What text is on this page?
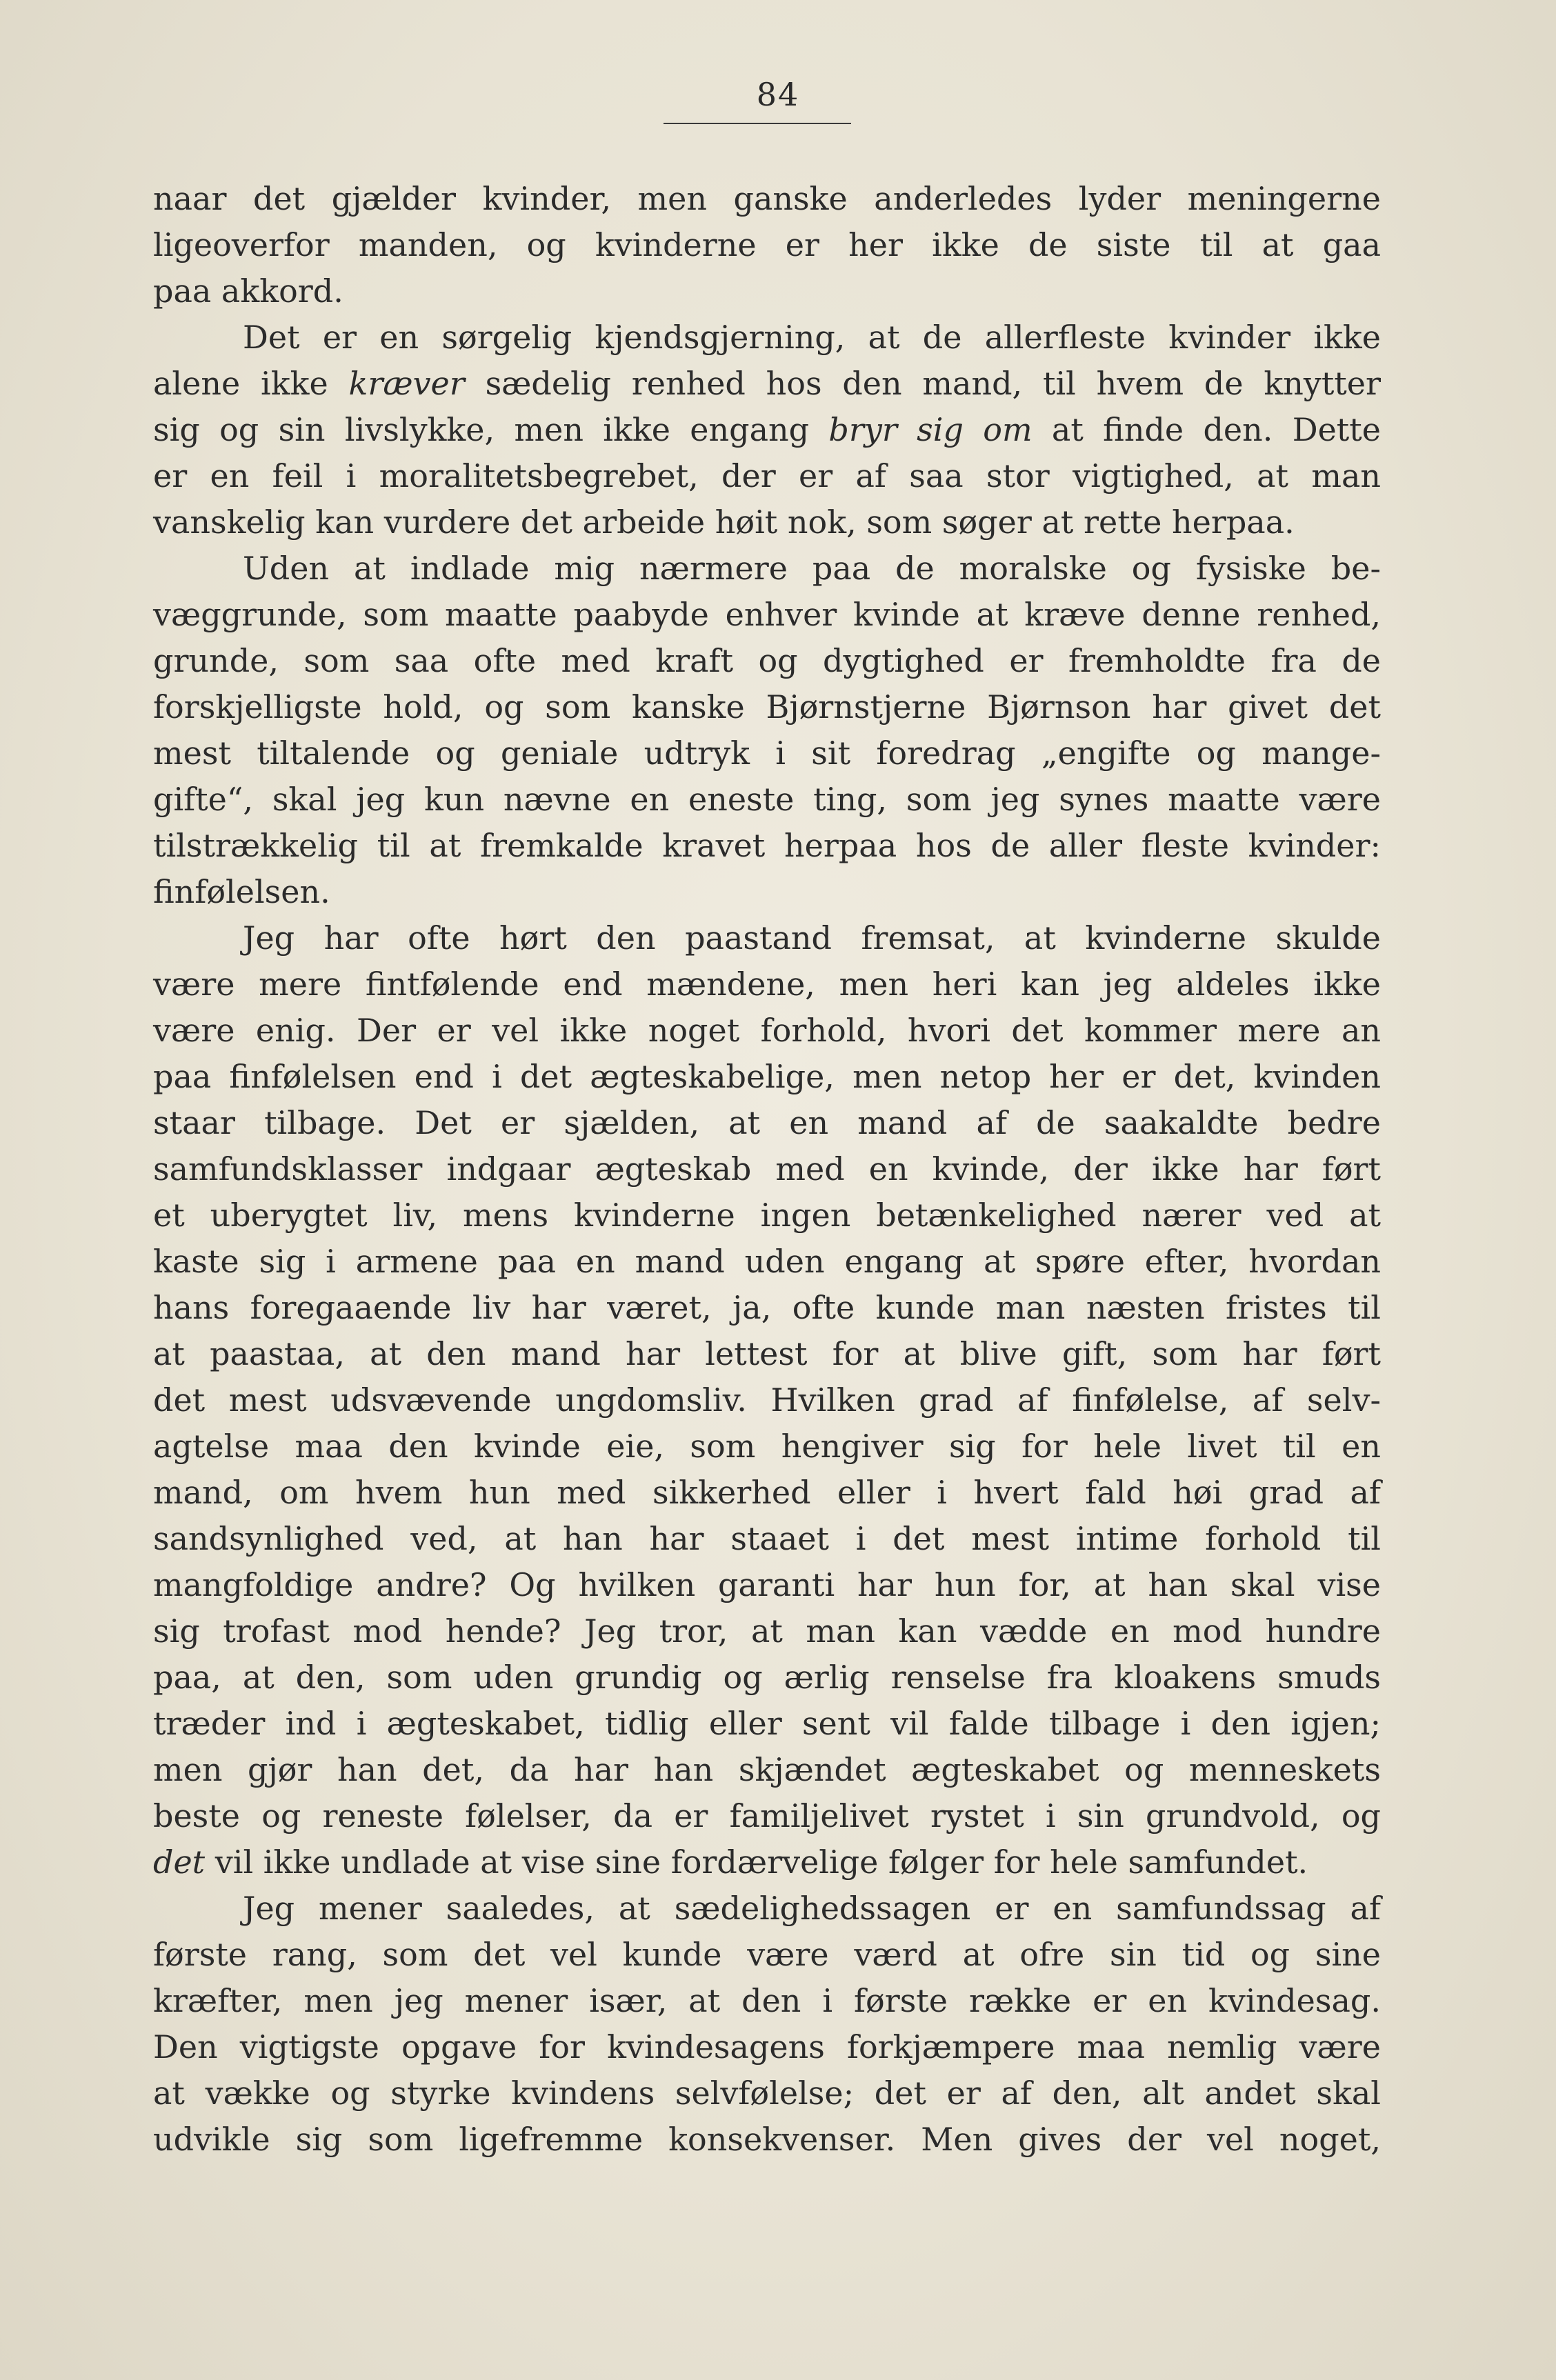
84
naar det gjælder kvinder, men ganske anderledes lyder meningerne
ligeoverfor manden, og kvinderne er her ikke de siste til at gaa
paa akkord.
Det er en sørgelig kjendsgjerning, at de allerfleste kvinder ikke
alene ikke kræver sædelig renhed hos den mand, til hvem de knytter
sig og sin livslykke, men ikke engang bryr sig om at finde den. Dette
er en feil i moralitetsbegrebet, der er af saa stor vigtighed, at man
vanskelig kan vurdere det arbeide høit nok, som søger at rette herpaa.
Uden at indlade mig nærmere paa de moralske og fysiske be-
væggrunde, som maatte paabyde enhver kvinde at kræve denne renhed,
grunde, som saa ofte med kraft og dygtighed er fremholdte fra de
forskjelligste hold, og som kanske Bjørnstjerne Bjørnson har givet det
mest tiltalende og geniale udtryk i sit foredrag „engifte og mange-
gifte“, skal jeg kun nævne en eneste ting, som jeg synes maatte være
tilstrækkelig til at fremkalde kravet herpaa hos de aller fleste kvinder:
finfølelsen.
Jeg har ofte hørt den paastand fremsat, at kvinderne skulde
være mere fintfølende end mændene, men heri kan jeg aldeles ikke
være enig. Der er vel ikke noget forhold, hvori det kommer mere an
paa finfølelsen end i det ægteskabelige, men netop her er det, kvinden
staar tilbage. Det er sjælden, at en mand af de saakaldte bedre
samfundsklasser indgaar ægteskab med en kvinde, der ikke har ført
et uberygtet liv, mens kvinderne ingen betænkelighed nærer ved at
kaste sig i armene paa en mand uden engang at spøre efter, hvordan
hans foregaaende liv har været, ja, ofte kunde man næsten fristes til
at paastaa, at den mand har lettest for at blive gift, som har ført
det mest udsvævende ungdomsliv. Hvilken grad af finfølelse, af selv-
agtelse maa den kvinde eie, som hengiver sig for hele livet til en
mand, om hvem hun med sikkerhed eller i hvert fald høi grad af
sandsynlighed ved, at han har staaet i det mest intime forhold til
mangfoldige andre? Og hvilken garanti har hun for, at han skal vise
sig trofast mod hende? Jeg tror, at man kan vædde en mod hundre
paa, at den, som uden grundig og ærlig renselse fra kloakens smuds
træder ind i ægteskabet, tidlig eller sent vil falde tilbage i den igjen;
men gjør han det, da har han skjændet ægteskabet og menneskets
beste og reneste følelser, da er familjelivet rystet i sin grundvold, og
det vil ikke undlade at vise sine fordærvelige følger for hele samfundet.
Jeg mener saaledes, at sædelighedssagen er en samfundssag af
første rang, som det vel kunde være værd at ofre sin tid og sine
kræfter, men jeg mener især, at den i første række er en kvindesag.
Den vigtigste opgave for kvindesagens forkjæmpere maa nemlig være
at vække og styrke kvindens selvfølelse; det er af den, alt andet skal
udvikle sig som ligefremme konsekvenser. Men gives der vel noget,
